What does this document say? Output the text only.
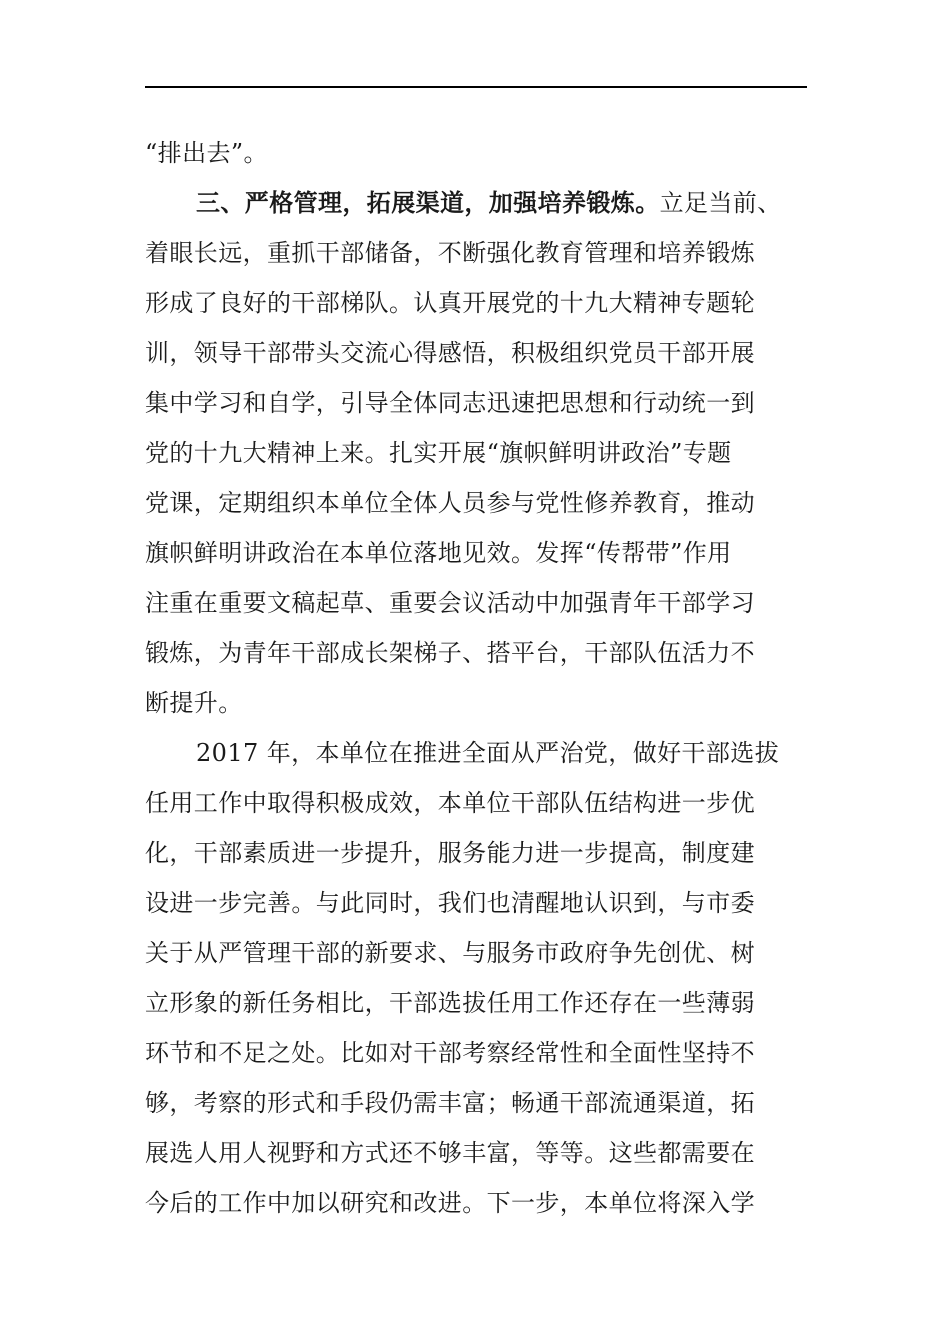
“排出去”。
三、严格管理，拓展渠道，加强培养锻炼。立足当前、
着眼长远，重抓干部储备，不断强化教育管理和培养锻炼
形成了良好的干部梯队。认真开展党的十九大精神专题轮
训，领导干部带头交流心得感悟，积极组织党员干部开展
集中学习和自学，引导全体同志迅速把思想和行动统一到
党的十九大精神上来。扎实开展“旗帜鲜明讲政治”专题
党课，定期组织本单位全体人员参与党性修养教育，推动
旗帜鲜明讲政治在本单位落地见效。发挥“传帮带”作用
注重在重要文稿起草、重要会议活动中加强青年干部学习
锻炼，为青年干部成长架梯子、搭平台，干部队伍活力不
断提升。
2017 年，本单位在推进全面从严治党，做好干部选拔
任用工作中取得积极成效，本单位干部队伍结构进一步优
化，干部素质进一步提升，服务能力进一步提高，制度建
设进一步完善。与此同时，我们也清醒地认识到，与市委
关于从严管理干部的新要求、与服务市政府争先创优、树
立形象的新任务相比，干部选拔任用工作还存在一些薄弱
环节和不足之处。比如对干部考察经常性和全面性坚持不
够，考察的形式和手段仍需丰富；畅通干部流通渠道，拓
展选人用人视野和方式还不够丰富，等等。这些都需要在
今后的工作中加以研究和改进。下一步，本单位将深入学
